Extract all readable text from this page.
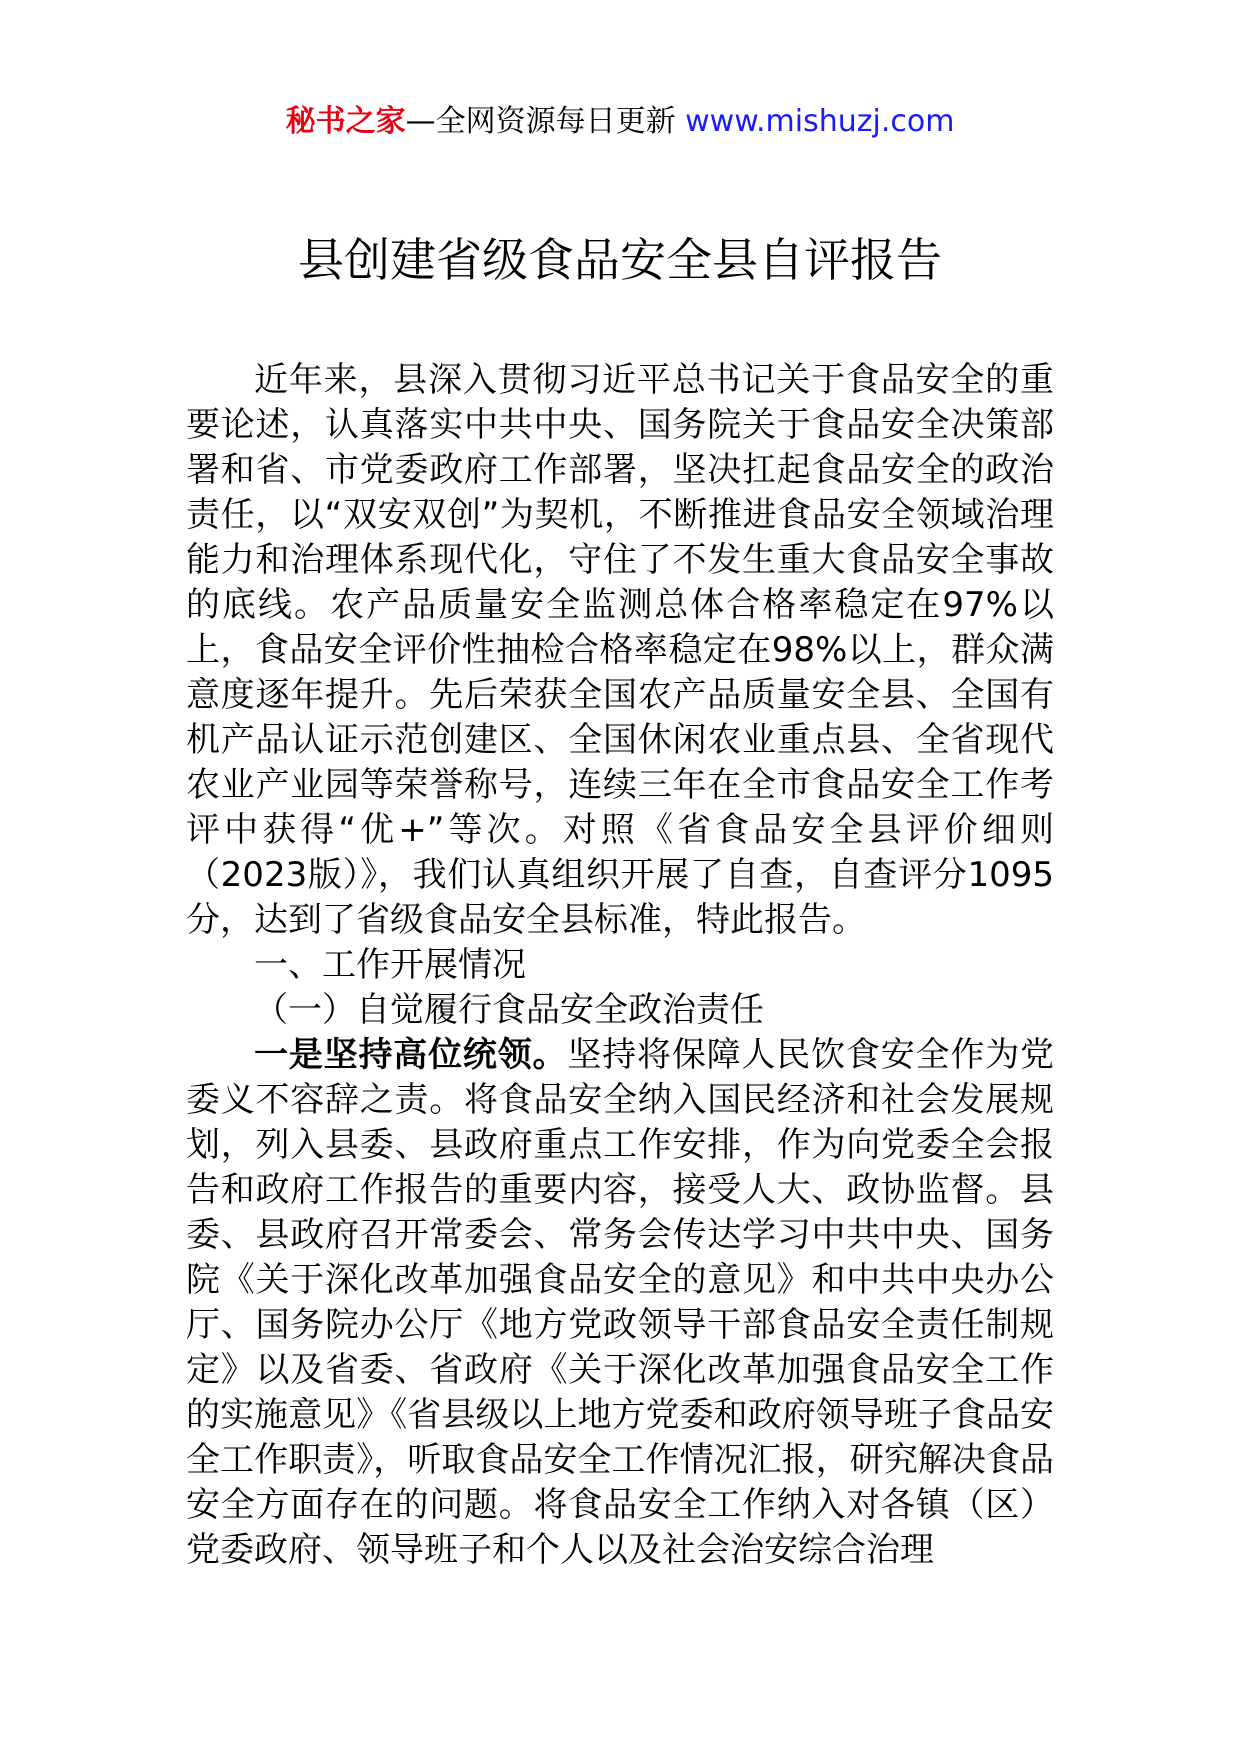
秘书之家—全网资源每日更新 www.mishuzj.com
县创建省级食品安全县自评报告

近年来，县深入贯彻习近平总书记关于食品安全的重要论述，认真落实中共中央、国务院关于食品安全决策部署和省、市党委政府工作部署，坚决扛起食品安全的政治责任，以“双安双创”为契机，不断推进食品安全领域治理能力和治理体系现代化，守住了不发生重大食品安全事故的底线。农产品质量安全监测总体合格率稳定在97%以上，食品安全评价性抽检合格率稳定在98%以上，群众满意度逐年提升。先后荣获全国农产品质量安全县、全国有机产品认证示范创建区、全国休闲农业重点县、全省现代农业产业园等荣誉称号，连续三年在全市食品安全工作考评中获得“优+”等次。对照《省食品安全县评价细则（2023版）》，我们认真组织开展了自查，自查评分1095分，达到了省级食品安全县标准，特此报告。

一、工作开展情况

（一）自觉履行食品安全政治责任

一是坚持高位统领。坚持将保障人民饮食安全作为党委义不容辞之责。将食品安全纳入国民经济和社会发展规划，列入县委、县政府重点工作安排，作为向党委全会报告和政府工作报告的重要内容，接受人大、政协监督。县委、县政府召开常委会、常务会传达学习中共中央、国务院《关于深化改革加强食品安全的意见》和中共中央办公厅、国务院办公厅《地方党政领导干部食品安全责任制规定》以及省委、省政府《关于深化改革加强食品安全工作的实施意见》《省县级以上地方党委和政府领导班子食品安全工作职责》，听取食品安全工作情况汇报，研究解决食品安全方面存在的问题。将食品安全工作纳入对各镇（区）党委政府、领导班子和个人以及社会治安综合治理
